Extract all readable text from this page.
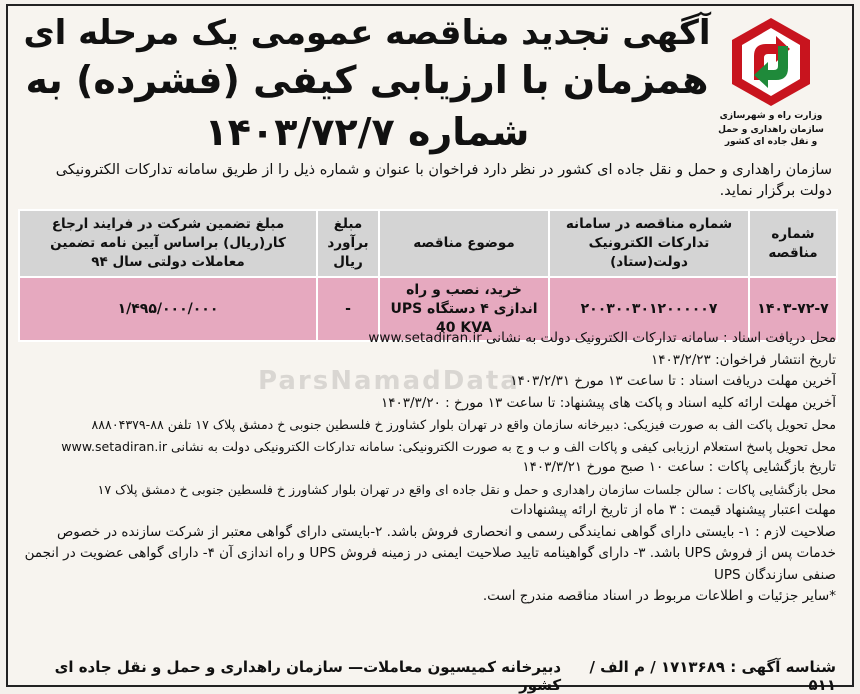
وزارت راه و شهرسازی
سازمان راهداری و حمل و نقل جاده ای کشور
آگهی تجدید مناقصه عمومی یک مرحله ای
همزمان با ارزیابی کیفی (فشرده) به شماره ۱۴۰۳/۷۲/۷
سازمان راهداری و حمل و نقل جاده ای کشور در نظر دارد فراخوان با عنوان و شماره ذیل را از طریق سامانه تدارکات الکترونیکی دولت برگزار نماید.
شماره مناقصه	شماره مناقصه در سامانه تدارکات الکترونیک دولت(ستاد)	موضوع مناقصه	مبلغ برآورد ریال	مبلغ تضمین شرکت در فرایند ارجاع کار(ریال) براساس آیین نامه تضمین معاملات دولتی سال ۹۴
۱۴۰۳-۷۲-۷	۲۰۰۳۰۰۳۰۱۲۰۰۰۰۰۷	خرید، نصب و راه اندازی ۴ دستگاه UPS 40 KVA	-	۱/۴۹۵/۰۰۰/۰۰۰

محل دریافت اسناد : سامانه تدارکات الکترونیک دولت به نشانی www.setadiran.ir

تاریخ انتشار فراخوان: ۱۴۰۳/۲/۲۳

آخرین مهلت دریافت اسناد : تا ساعت ۱۳ مورخ ۱۴۰۳/۲/۳۱

آخرین مهلت ارائه کلیه اسناد و پاکت های پیشنهاد: تا ساعت ۱۳ مورخ : ۱۴۰۳/۳/۲۰

محل تحویل پاکت الف به صورت فیزیکی: دبیرخانه سازمان واقع در تهران بلوار کشاورز خ فلسطین جنوبی خ دمشق پلاک ۱۷ تلفن ۸۸-۸۸۸۰۴۳۷۹

محل تحویل پاسخ استعلام ارزیابی کیفی و پاکات الف و ب و ج به صورت الکترونیکی: سامانه تدارکات الکترونیکی دولت به نشانی www.setadiran.ir

تاریخ بازگشایی پاکات : ساعت ۱۰ صبح مورخ ۱۴۰۳/۳/۲۱

محل بازگشایی پاکات : سالن جلسات سازمان راهداری و حمل و نقل جاده ای واقع در تهران بلوار کشاورز خ فلسطین جنوبی خ دمشق پلاک ۱۷

مهلت اعتبار پیشنهاد قیمت : ۳ ماه از تاریخ ارائه پیشنهادات

صلاحیت لازم : ۱- بایستی دارای گواهی نمایندگی رسمی و انحصاری فروش باشد. ۲-بایستی دارای گواهی معتبر از شرکت سازنده در خصوص خدمات پس از فروش UPS باشد. ۳- دارای گواهینامه تایید صلاحیت ایمنی در زمینه فروش UPS و راه اندازی آن ۴- دارای گواهی عضویت در انجمن صنفی سازندگان UPS

*سایر جزئیات و اطلاعات مربوط در اسناد مناقصه مندرج است.

ParsNamadData
شناسه آگهی : ۱۷۱۳۶۸۹ / م الف / ۵۱۱
دبیرخانه کمیسیون معاملات— سازمان راهداری و حمل و نقل جاده ای کشور
